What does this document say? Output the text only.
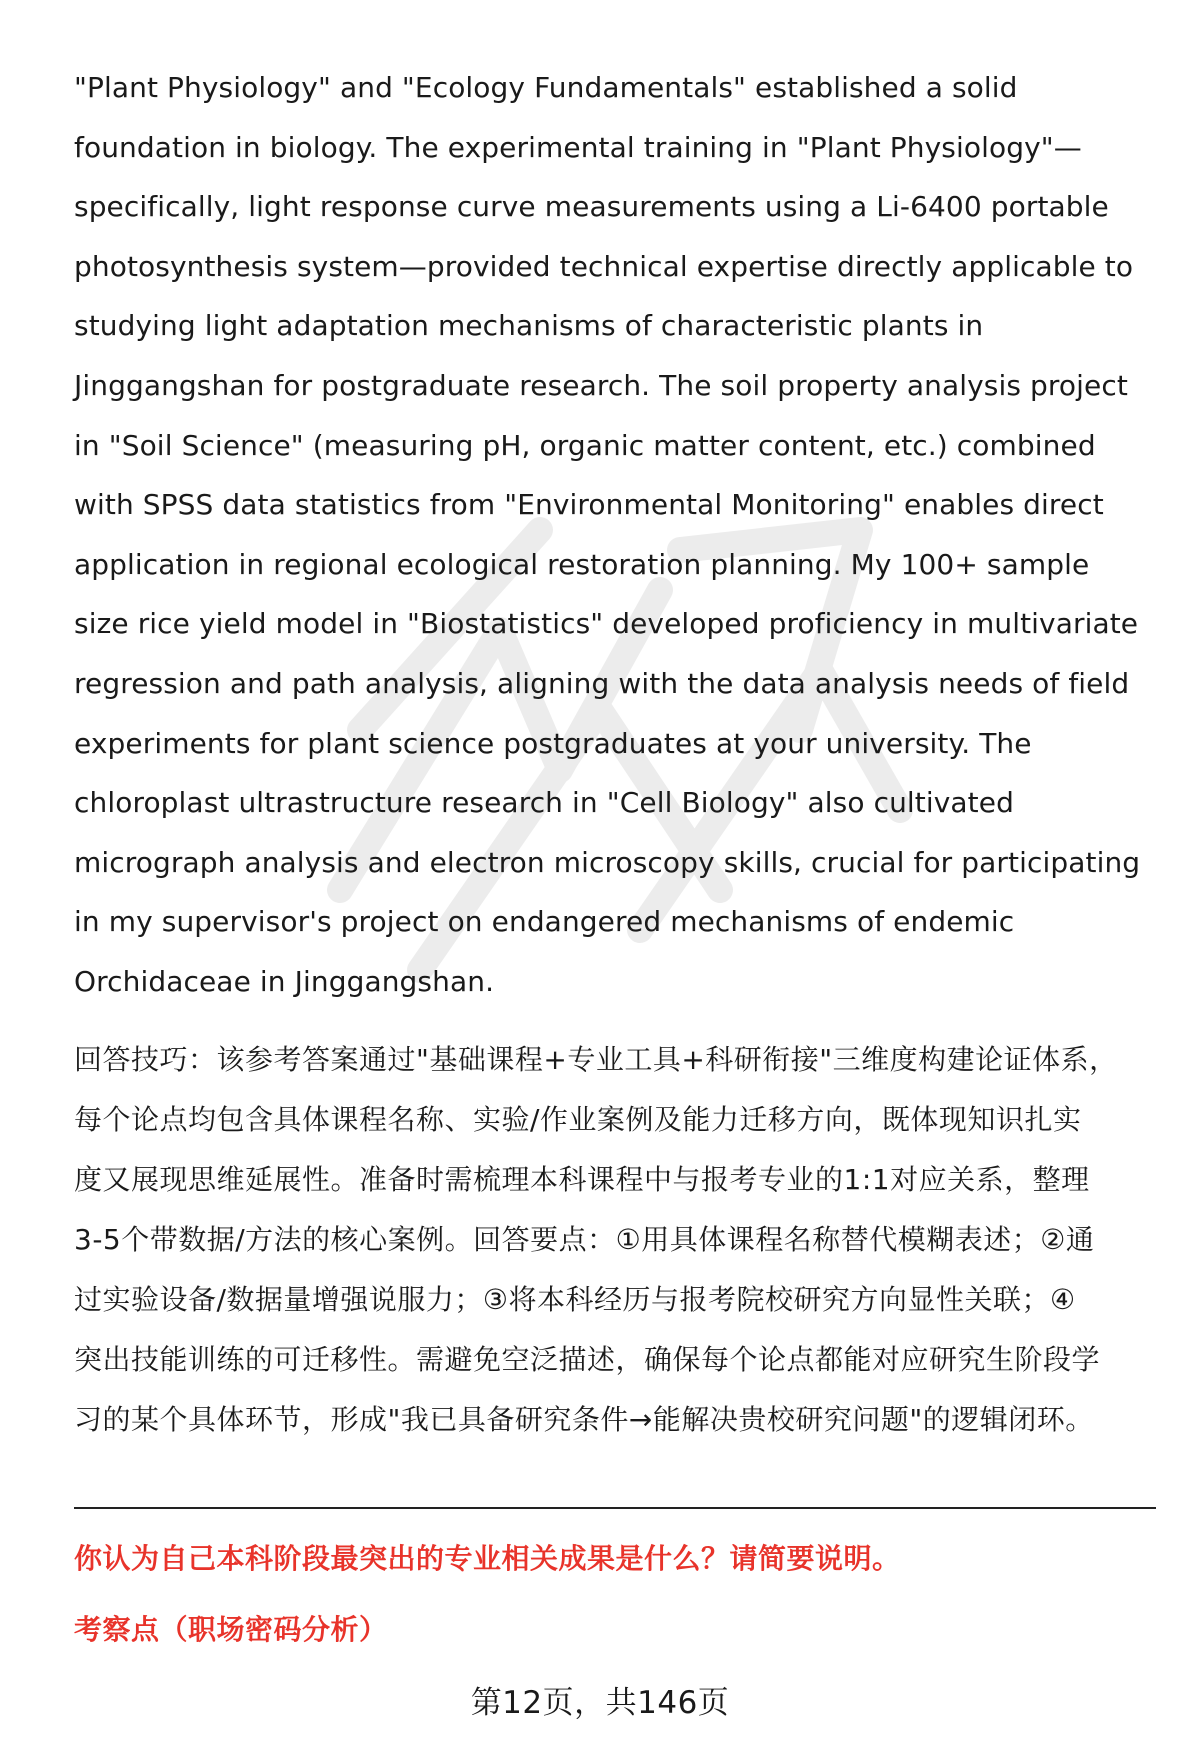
"Plant Physiology" and "Ecology Fundamentals" established a solid
foundation in biology. The experimental training in "Plant Physiology"—
specifically, light response curve measurements using a Li-6400 portable
photosynthesis system—provided technical expertise directly applicable to
studying light adaptation mechanisms of characteristic plants in
Jinggangshan for postgraduate research. The soil property analysis project
in "Soil Science" (measuring pH, organic matter content, etc.) combined
with SPSS data statistics from "Environmental Monitoring" enables direct
application in regional ecological restoration planning. My 100+ sample
size rice yield model in "Biostatistics" developed proficiency in multivariate
regression and path analysis, aligning with the data analysis needs of field
experiments for plant science postgraduates at your university. The
chloroplast ultrastructure research in "Cell Biology" also cultivated
micrograph analysis and electron microscopy skills, crucial for participating
in my supervisor's project on endangered mechanisms of endemic
Orchidaceae in Jinggangshan.
回答技巧：该参考答案通过"基础课程+专业工具+科研衔接"三维度构建论证体系，
每个论点均包含具体课程名称、实验/作业案例及能力迁移方向，既体现知识扎实
度又展现思维延展性。准备时需梳理本科课程中与报考专业的1:1对应关系，整理
3-5个带数据/方法的核心案例。回答要点：①用具体课程名称替代模糊表述；②通
过实验设备/数据量增强说服力；③将本科经历与报考院校研究方向显性关联；④
突出技能训练的可迁移性。需避免空泛描述，确保每个论点都能对应研究生阶段学
习的某个具体环节，形成"我已具备研究条件→能解决贵校研究问题"的逻辑闭环。
你认为自己本科阶段最突出的专业相关成果是什么？请简要说明。
考察点（职场密码分析）
第12页，共146页
